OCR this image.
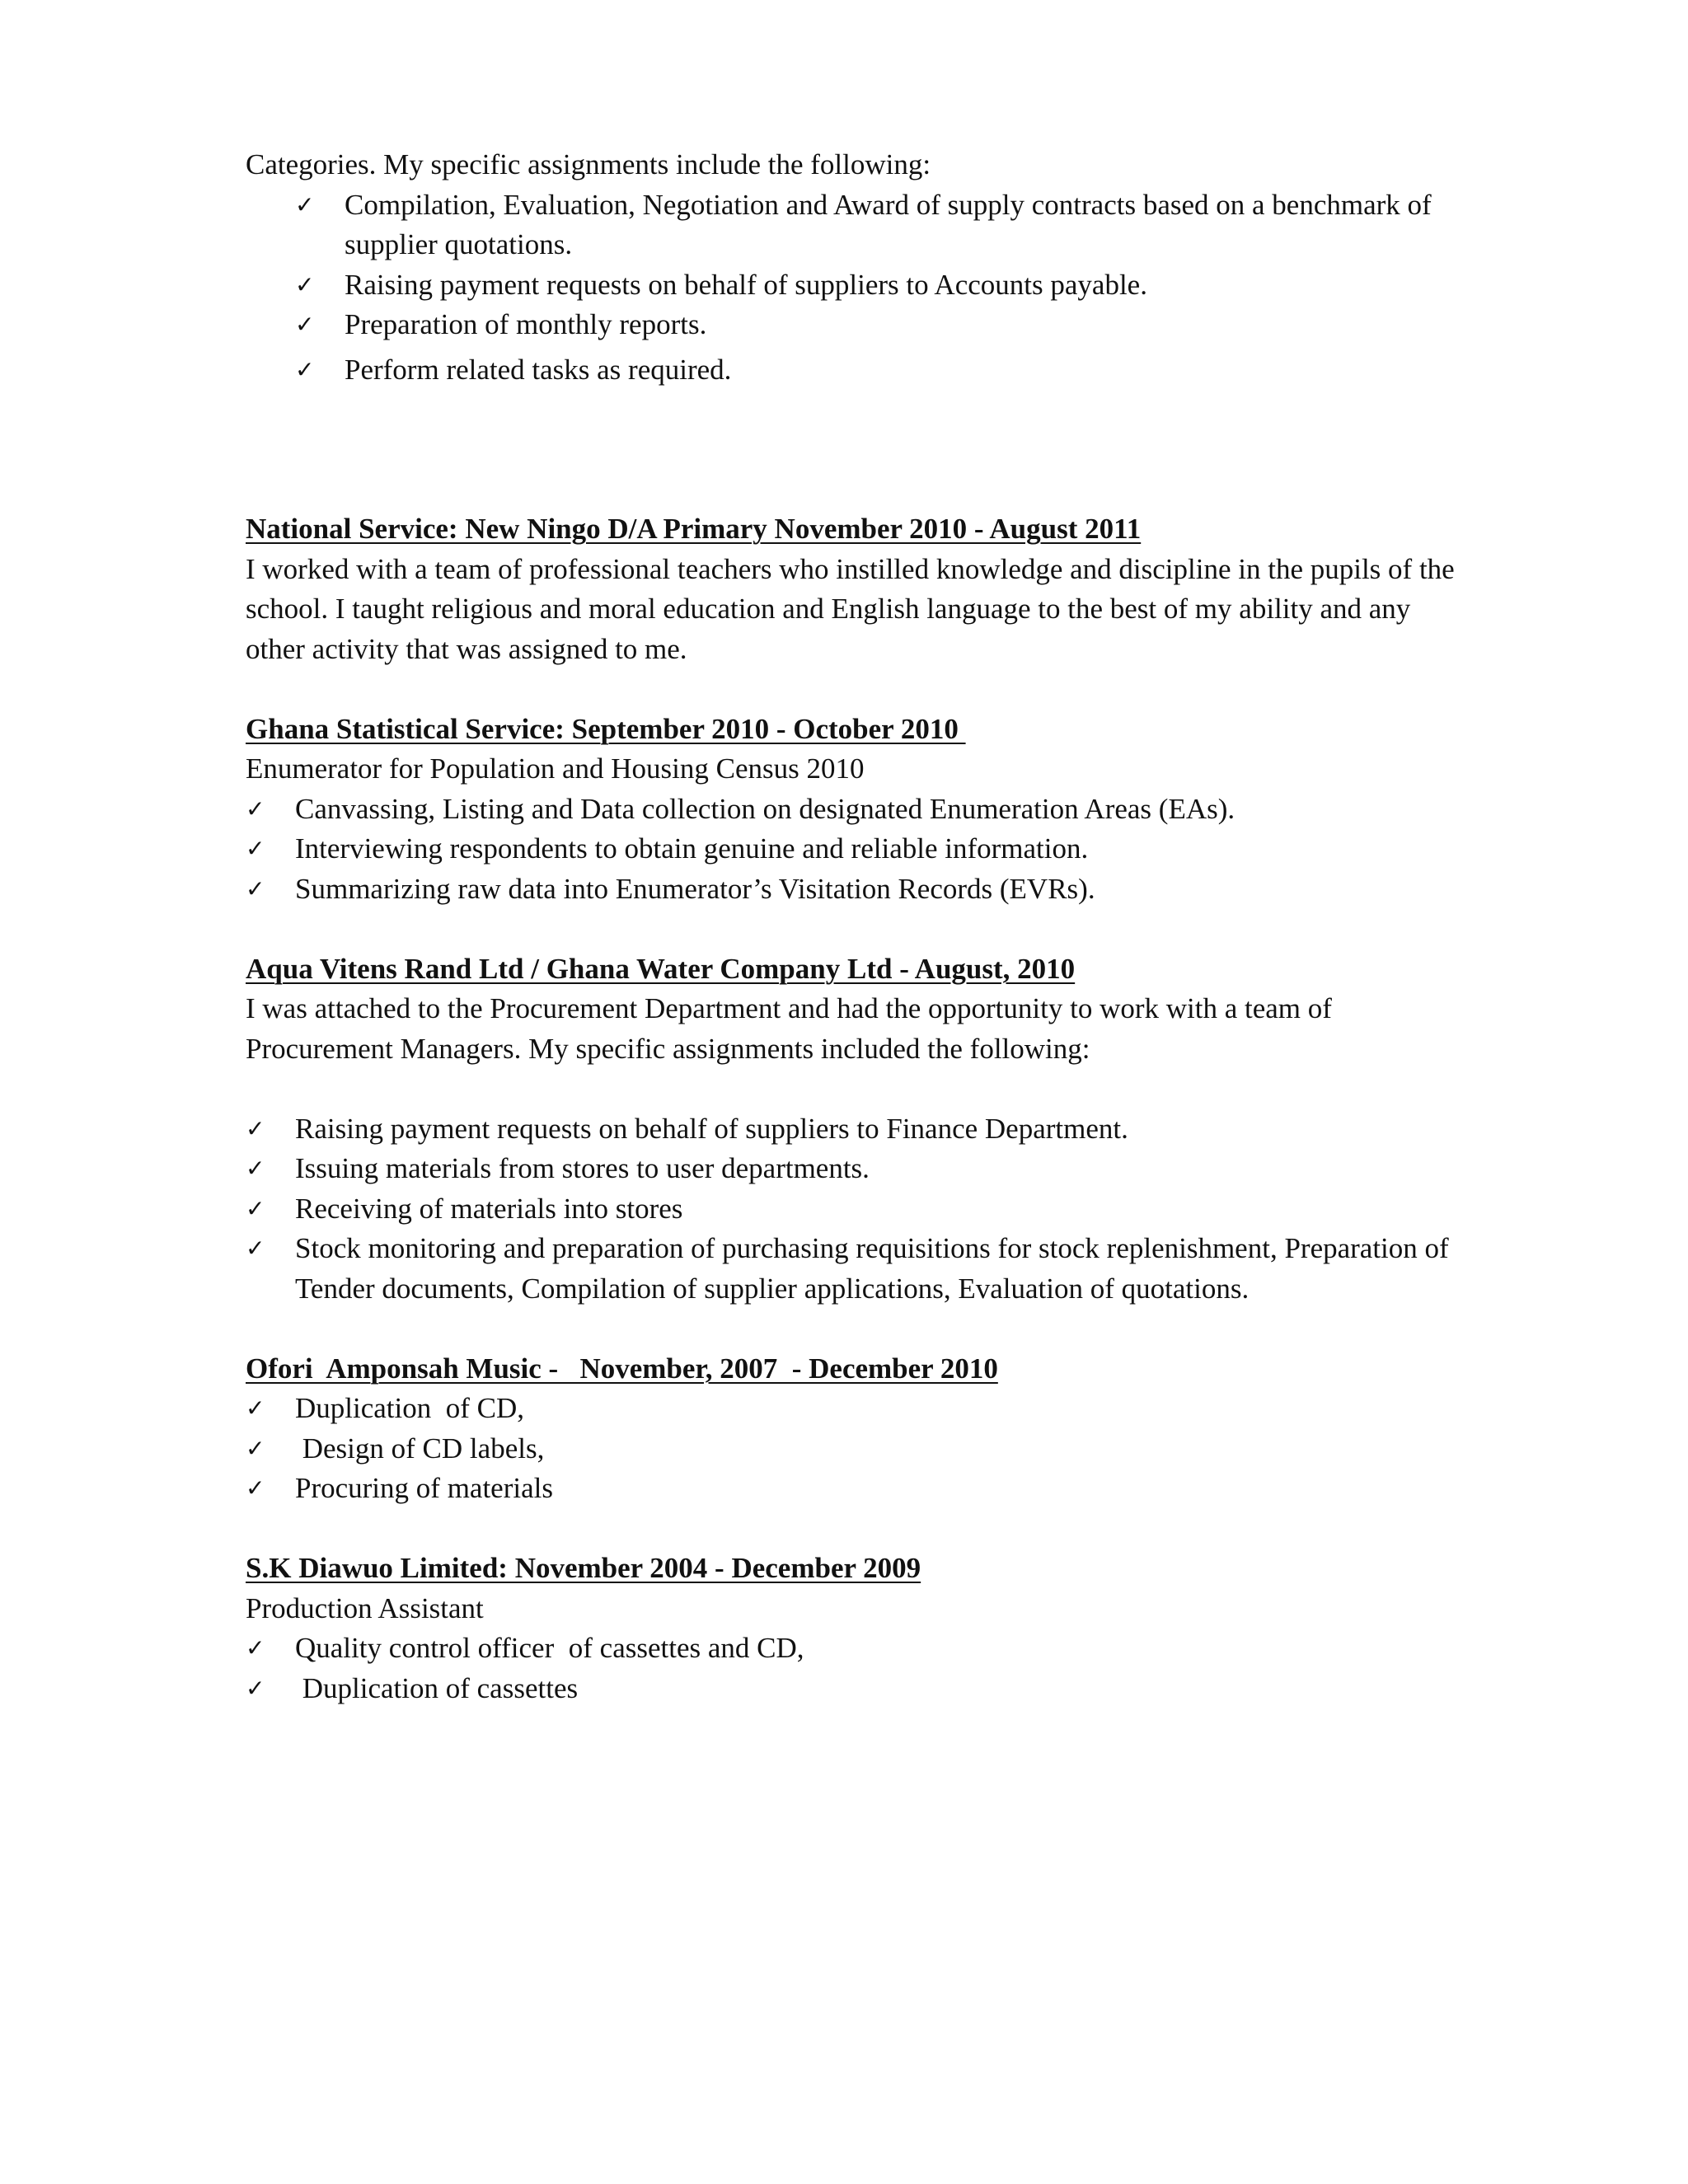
Categories. My specific assignments include the following:

✓	Compilation, Evaluation, Negotiation and Award of supply contracts based on a benchmark of supplier quotations.
✓	Raising payment requests on behalf of suppliers to Accounts payable.
✓	Preparation of monthly reports.
✓	Perform related tasks as required.

National Service: New Ningo D/A Primary November 2010 - August 2011

I worked with a team of professional teachers who instilled knowledge and discipline in the pupils of the school. I taught religious and moral education and English language to the best of my ability and any other activity that was assigned to me.

Ghana Statistical Service: September 2010 - October 2010

Enumerator for Population and Housing Census 2010

✓	Canvassing, Listing and Data collection on designated Enumeration Areas (EAs).
✓	Interviewing respondents to obtain genuine and reliable information.
✓	Summarizing raw data into Enumerator’s Visitation Records (EVRs).

Aqua Vitens Rand Ltd / Ghana Water Company Ltd - August, 2010

I was attached to the Procurement Department and had the opportunity to work with a team of Procurement Managers. My specific assignments included the following:

✓	Raising payment requests on behalf of suppliers to Finance Department.
✓	Issuing materials from stores to user departments.
✓	Receiving of materials into stores
✓	Stock monitoring and preparation of purchasing requisitions for stock replenishment, Preparation of Tender documents, Compilation of supplier applications, Evaluation of quotations.

Ofori  Amponsah Music -   November, 2007  - December 2010

✓	Duplication  of CD,
✓	Design of CD labels,
✓	Procuring of materials

S.K Diawuo Limited: November 2004 - December 2009

Production Assistant

✓	Quality control officer  of cassettes and CD,
✓	Duplication of cassettes
